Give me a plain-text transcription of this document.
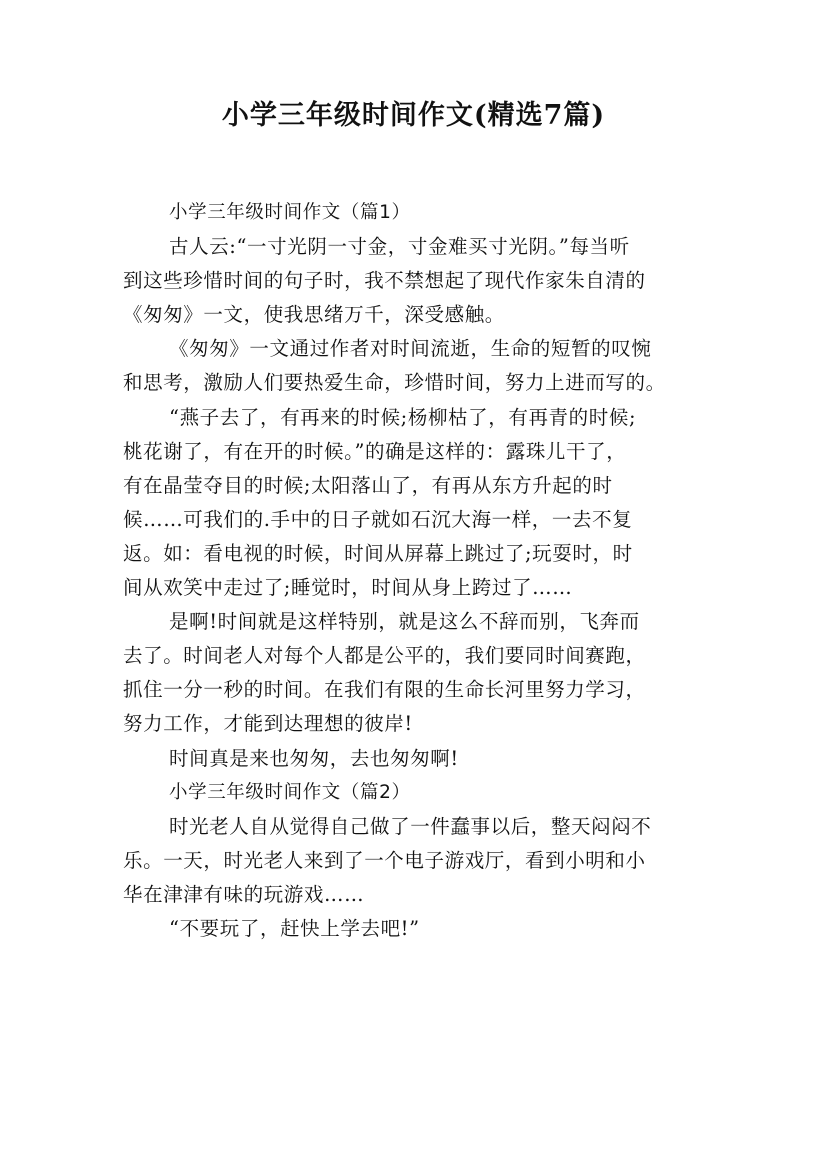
小学三年级时间作文(精选7篇)
小学三年级时间作文（篇1）
古人云:“一寸光阴一寸金，寸金难买寸光阴。”每当听
到这些珍惜时间的句子时，我不禁想起了现代作家朱自清的
《匆匆》一文，使我思绪万千，深受感触。
《匆匆》一文通过作者对时间流逝，生命的短暂的叹惋
和思考，激励人们要热爱生命，珍惜时间，努力上进而写的。
“燕子去了，有再来的时候;杨柳枯了，有再青的时候;
桃花谢了，有在开的时候。”的确是这样的：露珠儿干了，
有在晶莹夺目的时候;太阳落山了，有再从东方升起的时
候……可我们的.手中的日子就如石沉大海一样，一去不复
返。如：看电视的时候，时间从屏幕上跳过了;玩耍时，时
间从欢笑中走过了;睡觉时，时间从身上跨过了……
是啊!时间就是这样特别，就是这么不辞而别，飞奔而
去了。时间老人对每个人都是公平的，我们要同时间赛跑，
抓住一分一秒的时间。在我们有限的生命长河里努力学习，
努力工作，才能到达理想的彼岸!
时间真是来也匆匆，去也匆匆啊!
小学三年级时间作文（篇2）
时光老人自从觉得自己做了一件蠢事以后，整天闷闷不
乐。一天，时光老人来到了一个电子游戏厅，看到小明和小
华在津津有味的玩游戏……
“不要玩了，赶快上学去吧!”
